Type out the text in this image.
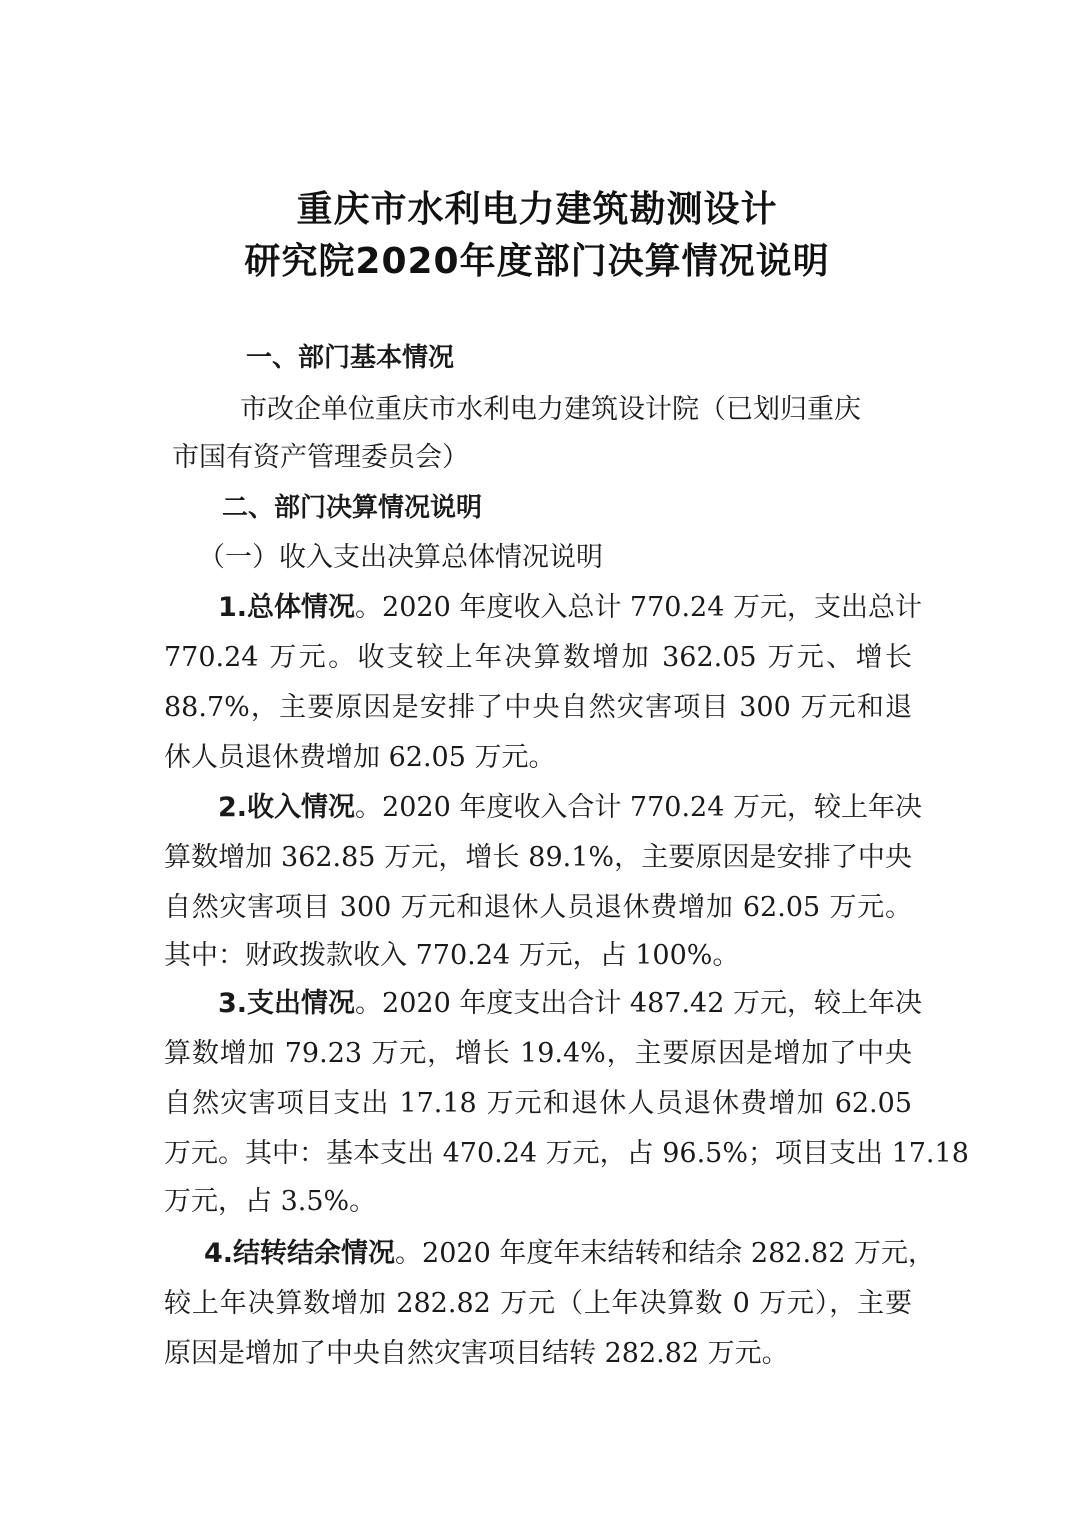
重庆市水利电力建筑勘测设计
研究院2020年度部门决算情况说明
一、部门基本情况
市改企单位重庆市水利电力建筑设计院（已划归重庆
市国有资产管理委员会）
二、部门决算情况说明
（一）收入支出决算总体情况说明
1.总体情况。2020 年度收入总计 770.24 万元，支出总计
770.24 万元。收支较上年决算数增加 362.05 万元、增长
88.7%，主要原因是安排了中央自然灾害项目 300 万元和退
休人员退休费增加 62.05 万元。
2.收入情况。2020 年度收入合计 770.24 万元，较上年决
算数增加 362.85 万元，增长 89.1%，主要原因是安排了中央
自然灾害项目 300 万元和退休人员退休费增加 62.05 万元。
其中：财政拨款收入 770.24 万元，占 100%。
3.支出情况。2020 年度支出合计 487.42 万元，较上年决
算数增加 79.23 万元，增长 19.4%，主要原因是增加了中央
自然灾害项目支出 17.18 万元和退休人员退休费增加 62.05
万元。其中：基本支出 470.24 万元，占 96.5%；项目支出 17.18
万元，占 3.5%。
4.结转结余情况。2020 年度年末结转和结余 282.82 万元，
较上年决算数增加 282.82 万元（上年决算数 0 万元），主要
原因是增加了中央自然灾害项目结转 282.82 万元。
